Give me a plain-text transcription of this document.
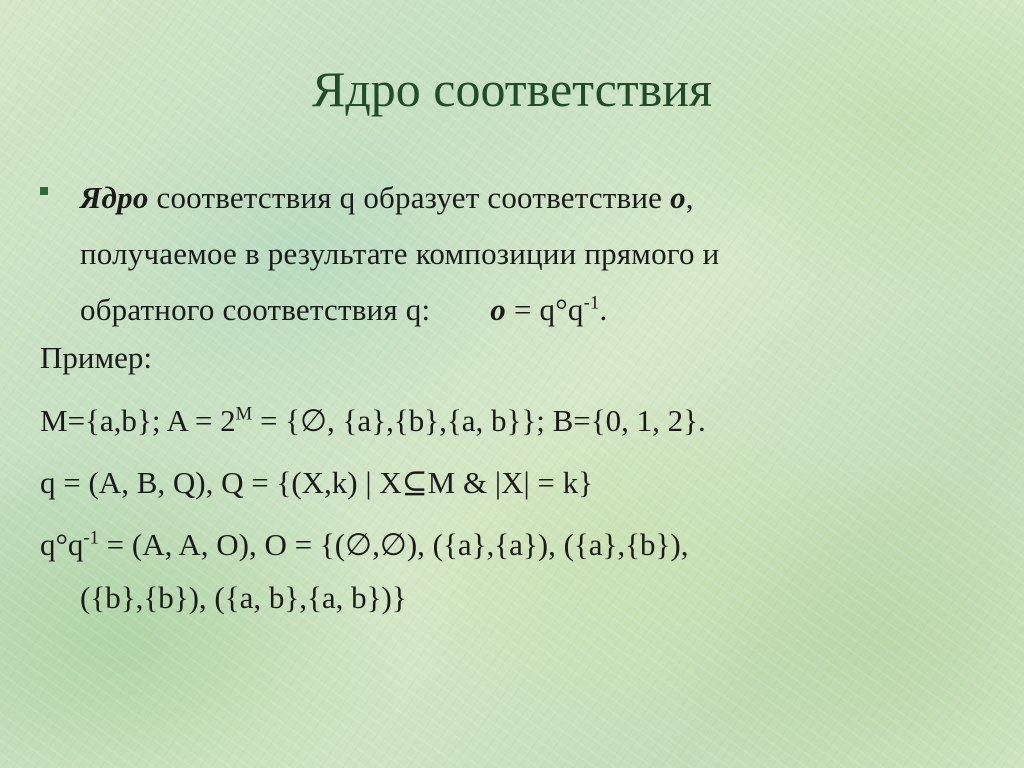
Ядро соответствия
Ядро соответствия q образует соответствие o,
получаемое в результате композиции прямого и
обратного соответствия q: $o = q^\circ q^{-1}$.
Пример:
M={a,b}; $A = 2^M$ = {∅, {a},{b},{a, b}}; B={0, 1, 2}.
q = (A, B, Q), Q = {(X,k) | X⊆M & |X| = k}
$q^\circ q^{-1} = (A$, A, O), O = {(∅,∅), ({a},{a}), ({a},{b}),
({b},{b}), ({a, b},{a, b})}
